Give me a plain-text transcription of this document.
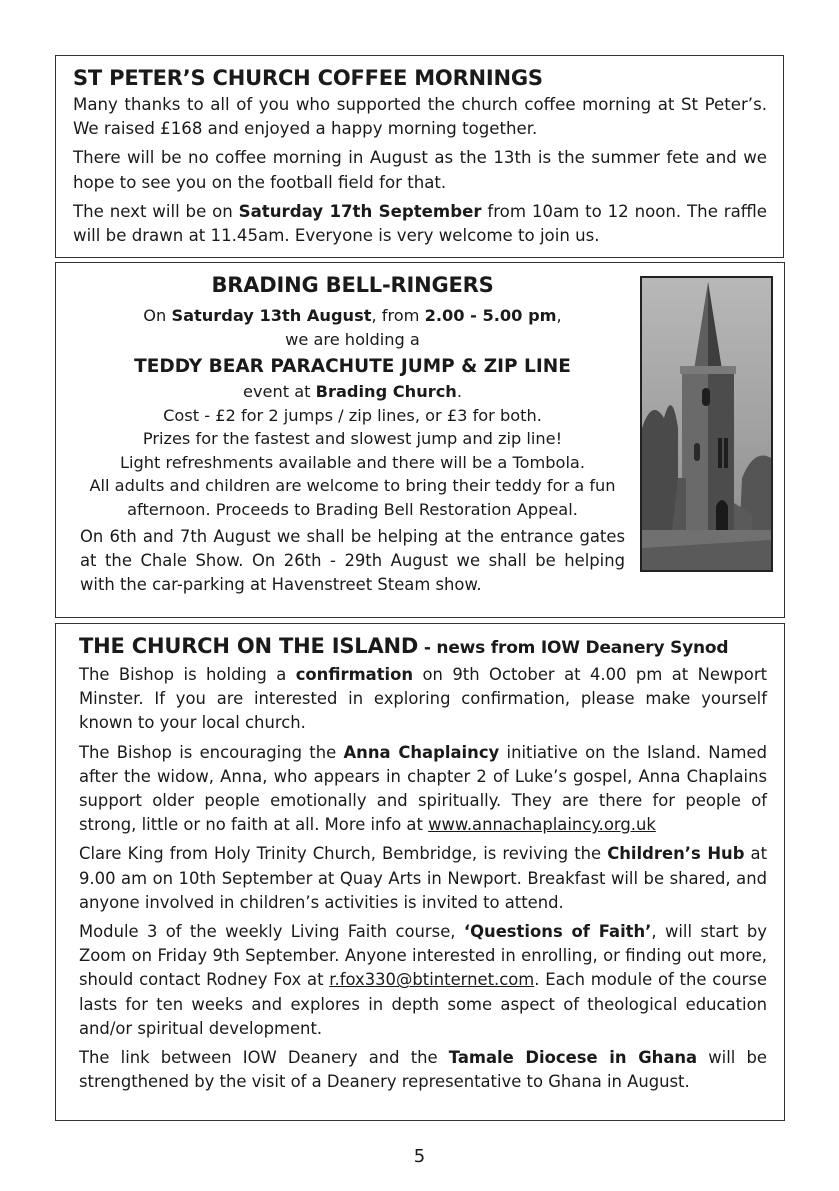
ST PETER’S CHURCH COFFEE MORNINGS

Many thanks to all of you who supported the church coffee morning at St Peter’s. We raised £168 and enjoyed a happy morning together.

There will be no coffee morning in August as the 13th is the summer fete and we hope to see you on the football field for that.

The next will be on Saturday 17th September from 10am to 12 noon. The raffle will be drawn at 11.45am. Everyone is very welcome to join us.

BRADING BELL-RINGERS

On Saturday 13th August, from 2.00 - 5.00 pm,

we are holding a

TEDDY BEAR PARACHUTE JUMP & ZIP LINE

event at Brading Church.

Cost - £2 for 2 jumps / zip lines, or £3 for both.

Prizes for the fastest and slowest jump and zip line!

Light refreshments available and there will be a Tombola.

All adults and children are welcome to bring their teddy for a fun afternoon. Proceeds to Brading Bell Restoration Appeal.

On 6th and 7th August we shall be helping at the entrance gates at the Chale Show. On 26th - 29th August we shall be helping with the car-parking at Havenstreet Steam show.

THE CHURCH ON THE ISLAND - news from IOW Deanery Synod

The Bishop is holding a confirmation on 9th October at 4.00 pm at Newport Minster. If you are interested in exploring confirmation, please make yourself known to your local church.

The Bishop is encouraging the Anna Chaplaincy initiative on the Island. Named after the widow, Anna, who appears in chapter 2 of Luke’s gospel, Anna Chaplains support older people emotionally and spiritually. They are there for people of strong, little or no faith at all. More info at www.annachaplaincy.org.uk

Clare King from Holy Trinity Church, Bembridge, is reviving the Children’s Hub at 9.00 am on 10th September at Quay Arts in Newport. Breakfast will be shared, and anyone involved in children’s activities is invited to attend.

Module 3 of the weekly Living Faith course, ‘Questions of Faith’, will start by Zoom on Friday 9th September. Anyone interested in enrolling, or finding out more, should contact Rodney Fox at r.fox330@btinternet.com. Each module of the course lasts for ten weeks and explores in depth some aspect of theological education and/or spiritual development.

The link between IOW Deanery and the Tamale Diocese in Ghana will be strengthened by the visit of a Deanery representative to Ghana in August.

5
